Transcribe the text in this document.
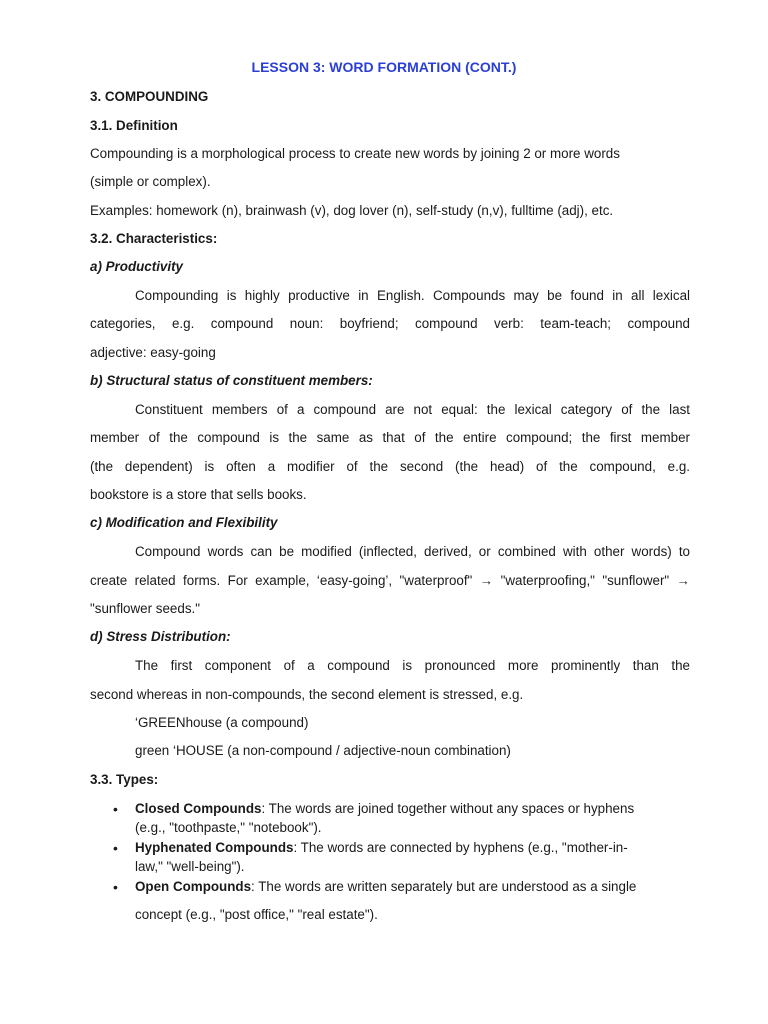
LESSON 3: WORD FORMATION (CONT.)
3. COMPOUNDING
3.1. Definition
Compounding is a morphological process to create new words by joining 2 or more words
(simple or complex).
Examples: homework (n), brainwash (v), dog lover (n), self-study (n,v), fulltime (adj), etc.
3.2. Characteristics:
a) Productivity
Compounding is highly productive in English. Compounds may be found in all lexical
categories, e.g. compound noun: boyfriend; compound verb: team-teach; compound
adjective: easy-going
b) Structural status of constituent members:
Constituent members of a compound are not equal: the lexical category of the last
member of the compound is the same as that of the entire compound; the first member
(the dependent) is often a modifier of the second (the head) of the compound, e.g.
bookstore is a store that sells books.
c) Modification and Flexibility
Compound words can be modified (inflected, derived, or combined with other words) to
create related forms. For example, ‘easy-going’, "waterproof" → "waterproofing," "sunflower" →
"sunflower seeds."
d) Stress Distribution:
The first component of a compound is pronounced more prominently than the
second whereas in non-compounds, the second element is stressed, e.g.
‘GREENhouse (a compound)
green ‘HOUSE (a non-compound / adjective-noun combination)
3.3. Types:
• Closed Compounds: The words are joined together without any spaces or hyphens
(e.g., "toothpaste," "notebook").
• Hyphenated Compounds: The words are connected by hyphens (e.g., "mother-in-
law," "well-being").
• Open Compounds: The words are written separately but are understood as a single
concept (e.g., "post office," "real estate").
